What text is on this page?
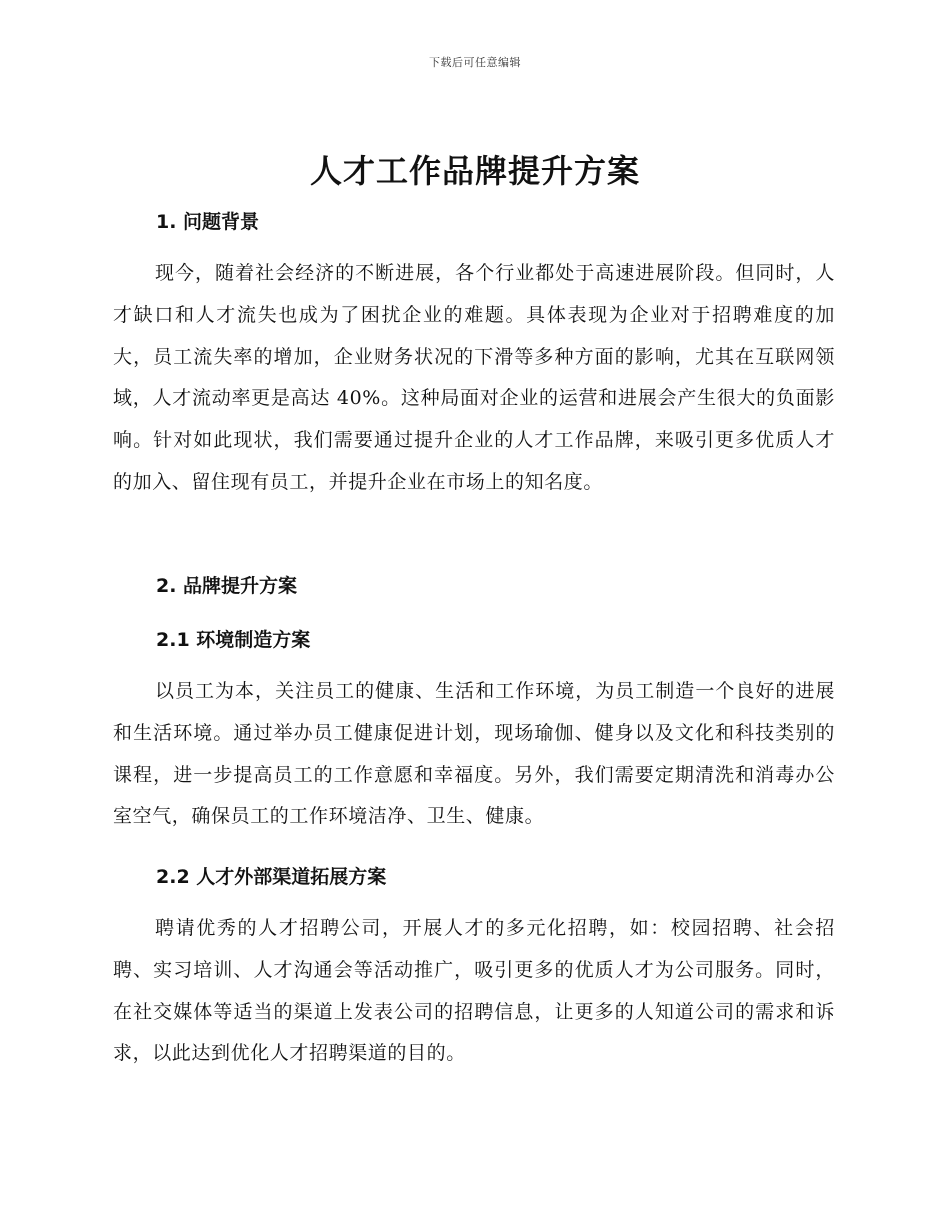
下载后可任意编辑
人才工作品牌提升方案
1. 问题背景

现今，随着社会经济的不断进展，各个行业都处于高速进展阶段。但同时，人才缺口和人才流失也成为了困扰企业的难题。具体表现为企业对于招聘难度的加大，员工流失率的增加，企业财务状况的下滑等多种方面的影响，尤其在互联网领域，人才流动率更是高达 40%。这种局面对企业的运营和进展会产生很大的负面影响。针对如此现状，我们需要通过提升企业的人才工作品牌，来吸引更多优质人才的加入、留住现有员工，并提升企业在市场上的知名度。

2. 品牌提升方案
2.1 环境制造方案

以员工为本，关注员工的健康、生活和工作环境，为员工制造一个良好的进展和生活环境。通过举办员工健康促进计划，现场瑜伽、健身以及文化和科技类别的课程，进一步提高员工的工作意愿和幸福度。另外，我们需要定期清洗和消毒办公室空气，确保员工的工作环境洁净、卫生、健康。

2.2 人才外部渠道拓展方案

聘请优秀的人才招聘公司，开展人才的多元化招聘，如：校园招聘、社会招聘、实习培训、人才沟通会等活动推广，吸引更多的优质人才为公司服务。同时，在社交媒体等适当的渠道上发表公司的招聘信息，让更多的人知道公司的需求和诉求，以此达到优化人才招聘渠道的目的。
